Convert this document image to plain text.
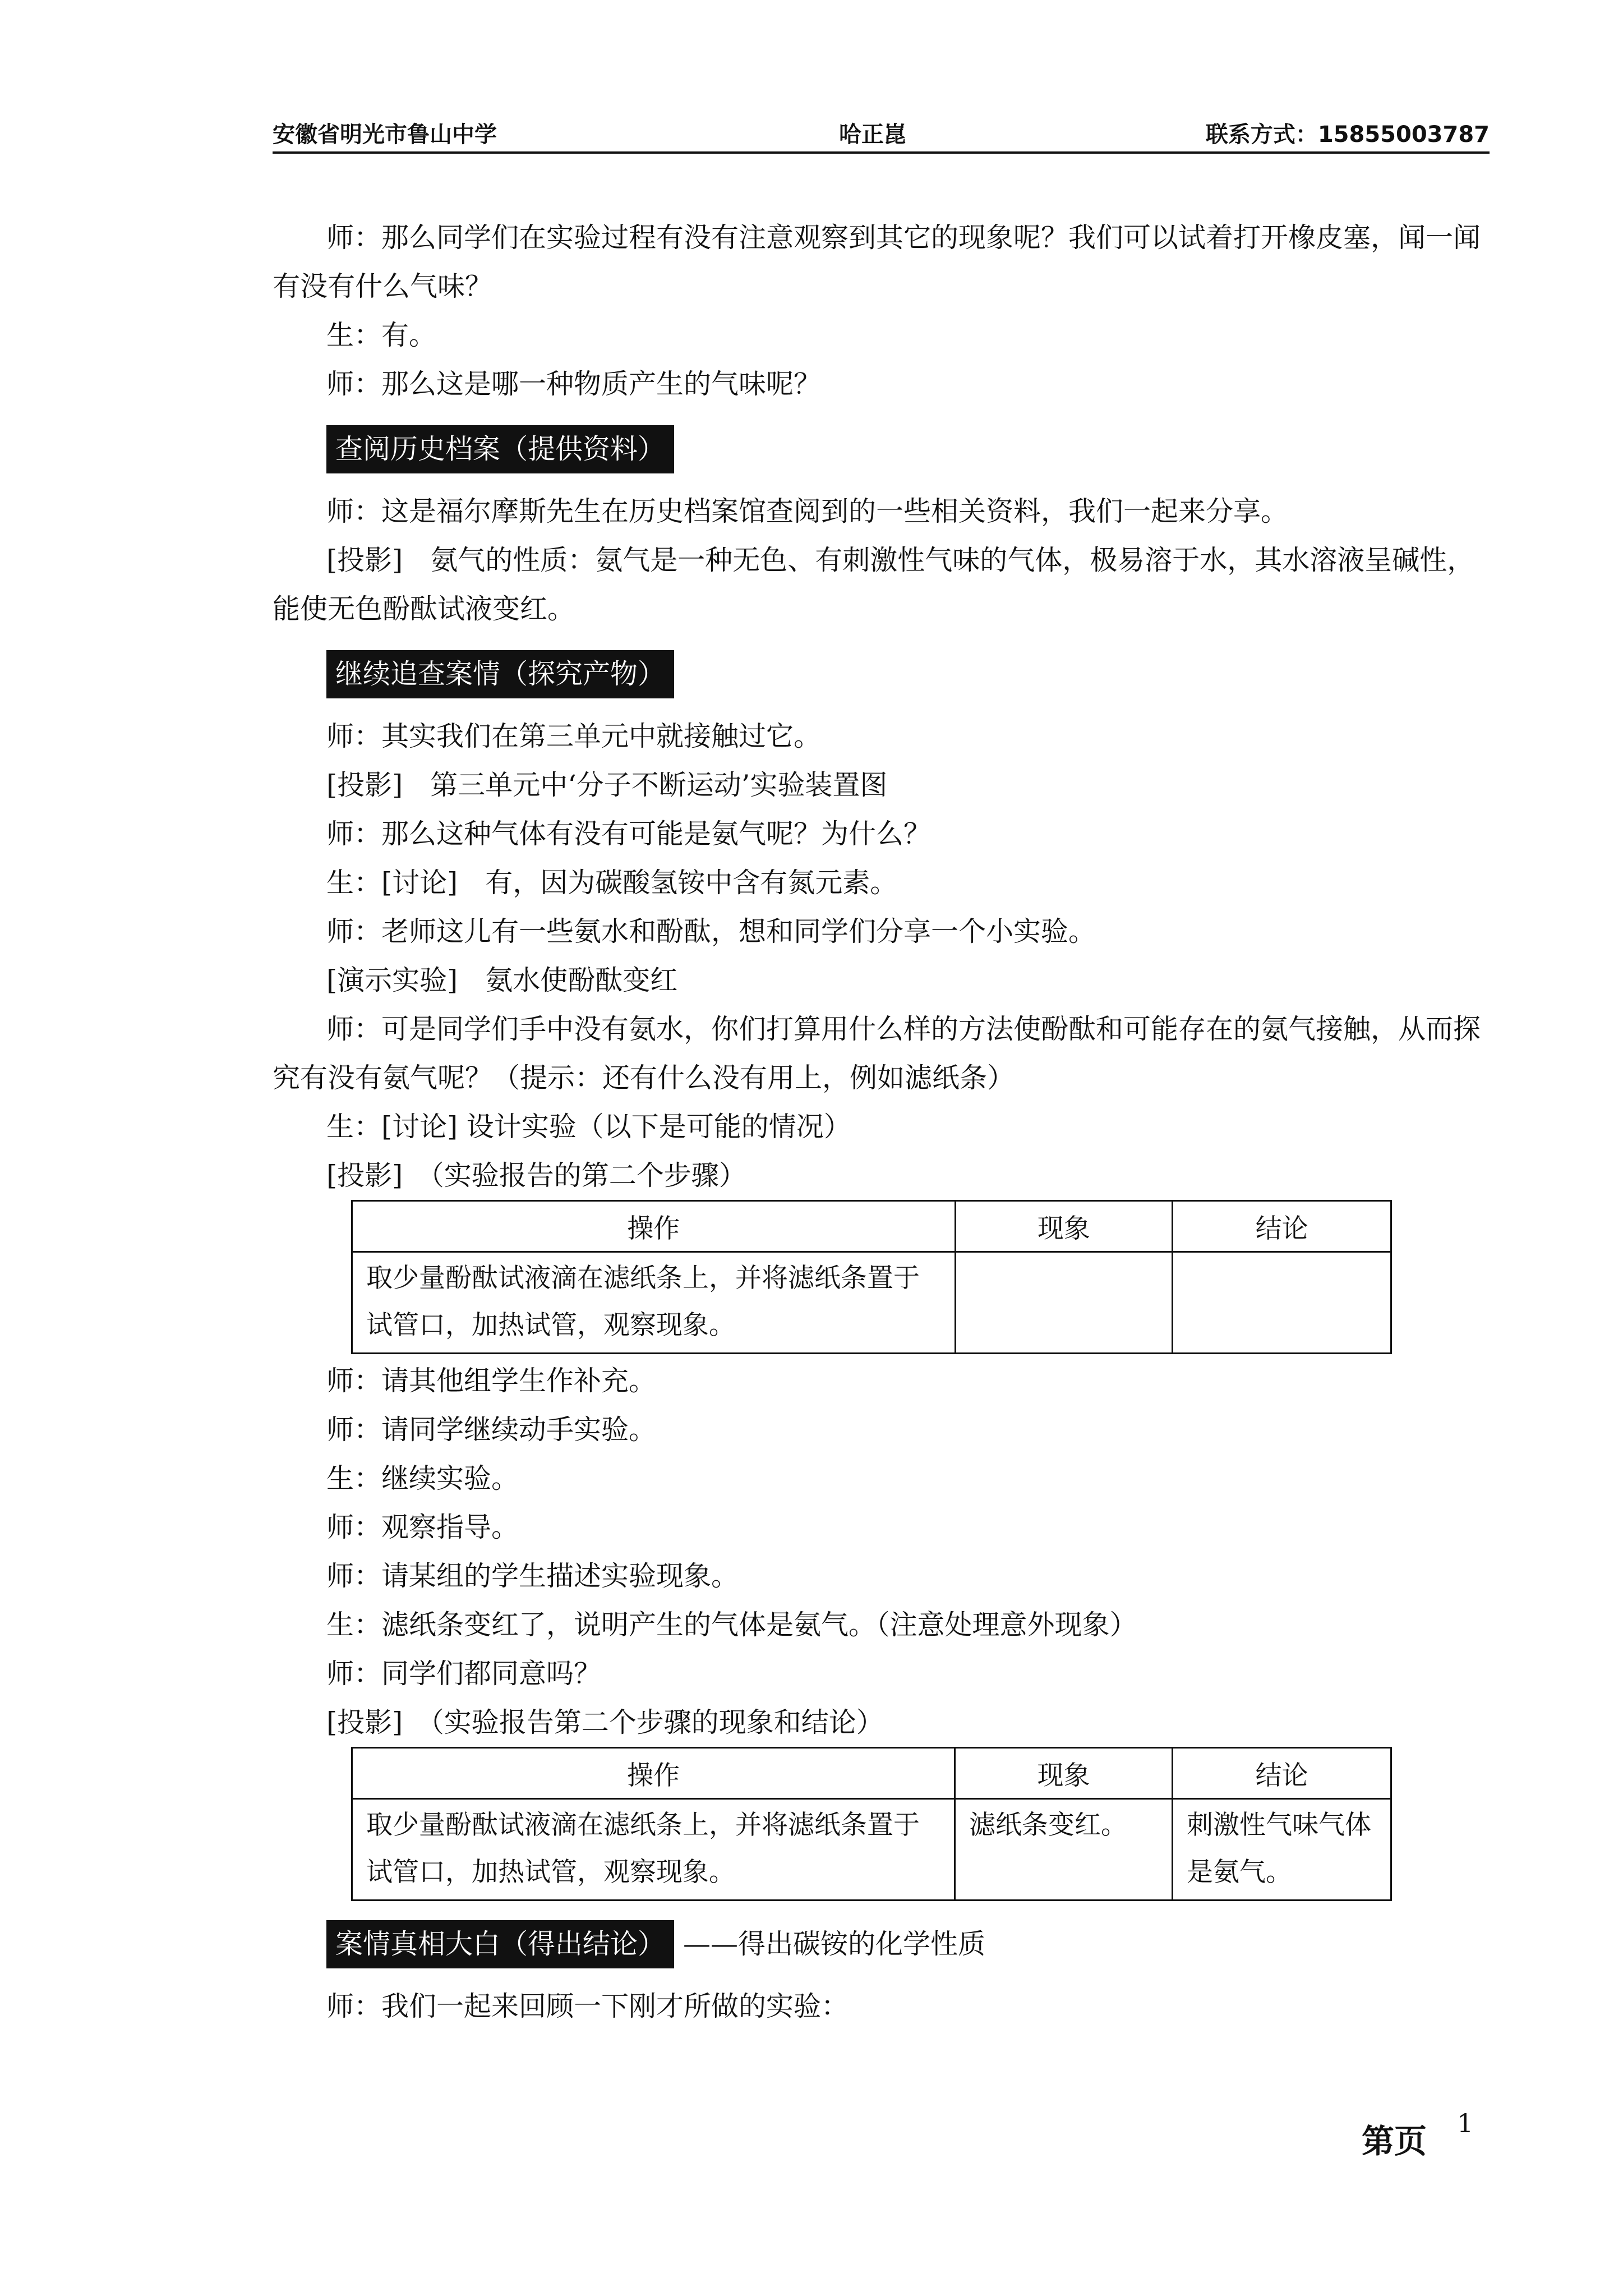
安徽省明光市鲁山中学	哈正崑	联系方式：15855003787
师：那么同学们在实验过程有没有注意观察到其它的现象呢？我们可以试着打开橡皮塞，闻一闻有没有什么气味？
生：有。
师：那么这是哪一种物质产生的气味呢？
查阅历史档案（提供资料）
师：这是福尔摩斯先生在历史档案馆查阅到的一些相关资料，我们一起来分享。
[投影]　氨气的性质：氨气是一种无色、有刺激性气味的气体，极易溶于水，其水溶液呈碱性，能使无色酚酞试液变红。
继续追查案情（探究产物）
师：其实我们在第三单元中就接触过它。
[投影]　第三单元中‘分子不断运动’实验装置图
师：那么这种气体有没有可能是氨气呢？为什么？
生：[讨论]　有，因为碳酸氢铵中含有氮元素。
师：老师这儿有一些氨水和酚酞，想和同学们分享一个小实验。
[演示实验]　氨水使酚酞变红
师：可是同学们手中没有氨水，你们打算用什么样的方法使酚酞和可能存在的氨气接触，从而探究有没有氨气呢？（提示：还有什么没有用上，例如滤纸条）
生：[讨论] 设计实验（以下是可能的情况）
[投影]　（实验报告的第二个步骤）
操作	现象	结论
取少量酚酞试液滴在滤纸条上，并将滤纸条置于试管口，加热试管，观察现象。		
师：请其他组学生作补充。
师：请同学继续动手实验。
生：继续实验。
师：观察指导。
师：请某组的学生描述实验现象。
生：滤纸条变红了，说明产生的气体是氨气。（注意处理意外现象）
师：同学们都同意吗？
[投影]　（实验报告第二个步骤的现象和结论）
操作	现象	结论
取少量酚酞试液滴在滤纸条上，并将滤纸条置于试管口，加热试管，观察现象。	滤纸条变红。	刺激性气味气体是氨气。
案情真相大白（得出结论） ——得出碳铵的化学性质
师：我们一起来回顾一下刚才所做的实验：
第页 1
